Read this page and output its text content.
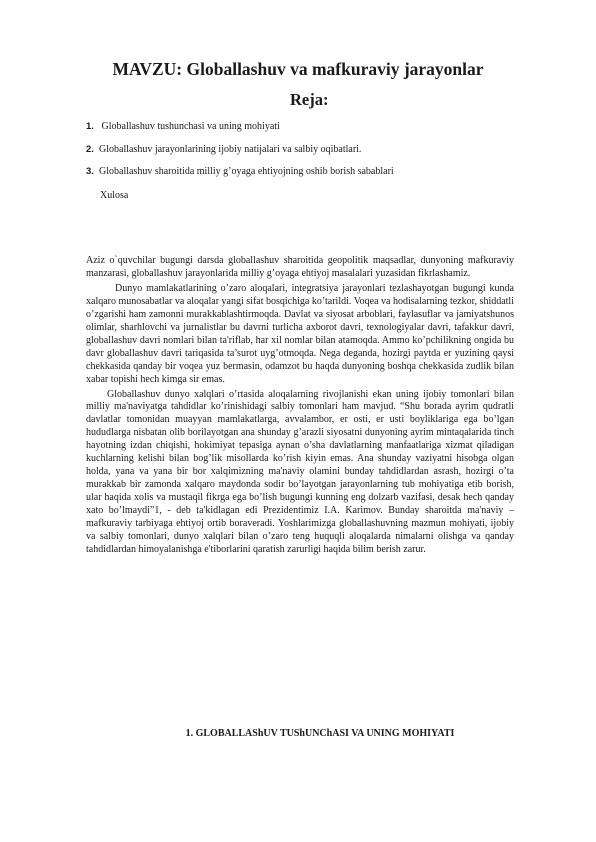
MAVZU: Globallashuv va mafkuraviy jarayonlar
Reja:
1. Globallashuv tushunchasi va uning mohiyati
2. Globallashuv jarayonlarining ijobiy natijalari va salbiy oqibatlari.
3. Globallashuv sharoitida milliy g’oyaga ehtiyojning oshib borish sabablari

Xulosa

Aziz o`quvchilar bugungi darsda globallashuv sharoitida geopolitik maqsadlar, dunyoning mafkuraviy manzarasi, globallashuv jarayonlarida milliy g’oyaga ehtiyoj masalalari yuzasidan fikrlashamiz.

Dunyo mamlakatlarining o’zaro aloqalari, integratsiya jarayonlari tezlashayotgan bugungi kunda xalqaro munosabatlar va aloqalar yangi sifat bosqichiga ko’tarildi. Voqea va hodisalarning tezkor, shiddatli o’zgarishi ham zamonni murakkablashtirmoqda. Davlat va siyosat arboblari, faylasuflar va jamiyatshunos olimlar, sharhlovchi va jurnalistlar bu davrni turlicha axborot davri, texnologiyalar davri, tafakkur davri, globallashuv davri nomlari bilan ta'riflab, har xil nomlar bilan atamoqda. Ammo ko’pchilikning ongida bu davr globallashuv davri tariqasida ta’surot uyg’otmoqda. Nega deganda, hozirgi paytda er yuzining qaysi chekkasida qanday bir voqea yuz bermasin, odamzot bu haqda dunyoning boshqa chekkasida zudlik bilan xabar topishi hech kimga sir emas.

Globallashuv dunyo xalqlari o’rtasida aloqalarning rivojlanishi ekan uning ijobiy tomonlari bilan milliy ma'naviyatga tahdidlar ko’rinishidagi salbiy tomonlari ham mavjud. “Shu borada ayrim qudratli davlatlar tomonidan muayyan mamlakatlarga, avvalambor, er osti, er usti boyliklariga ega bo’lgan hududlarga nisbatan olib borilayotgan ana shunday g’arazli siyosatni dunyoning ayrim mintaqalarida tinch hayotning izdan chiqishi, hokimiyat tepasiga aynan o’sha davlatlarning manfaatlariga xizmat qiladigan kuchlarning kelishi bilan bog’lik misollarda ko’rish kiyin emas. Ana shunday vaziyatni hisobga olgan holda, yana va yana bir bor xalqimizning ma'naviy olamini bunday tahdidlardan asrash, hozirgi o’ta murakkab bir zamonda xalqaro maydonda sodir bo’layotgan jarayonlarning tub mohiyatiga etib borish, ular haqida xolis va mustaqil fikrga ega bo’lish bugungi kunning eng dolzarb vazifasi, desak hech qanday xato bo’lmaydi”1, - deb ta'kidlagan edi Prezidentimiz I.A. Karimov. Bunday sharoitda ma'naviy – mafkuraviy tarbiyaga ehtiyoj ortib boraveradi. Yoshlarimizga globallashuvning mazmun mohiyati, ijobiy va salbiy tomonlari, dunyo xalqlari bilan o’zaro teng huquqli aloqalarda nimalarni olishga va qanday tahdidlardan himoyalanishga e'tiborlarini qaratish zarurligi haqida bilim berish zarur.

1. GLOBALLAShUV TUShUNChASI VA UNING MOHIYATI
